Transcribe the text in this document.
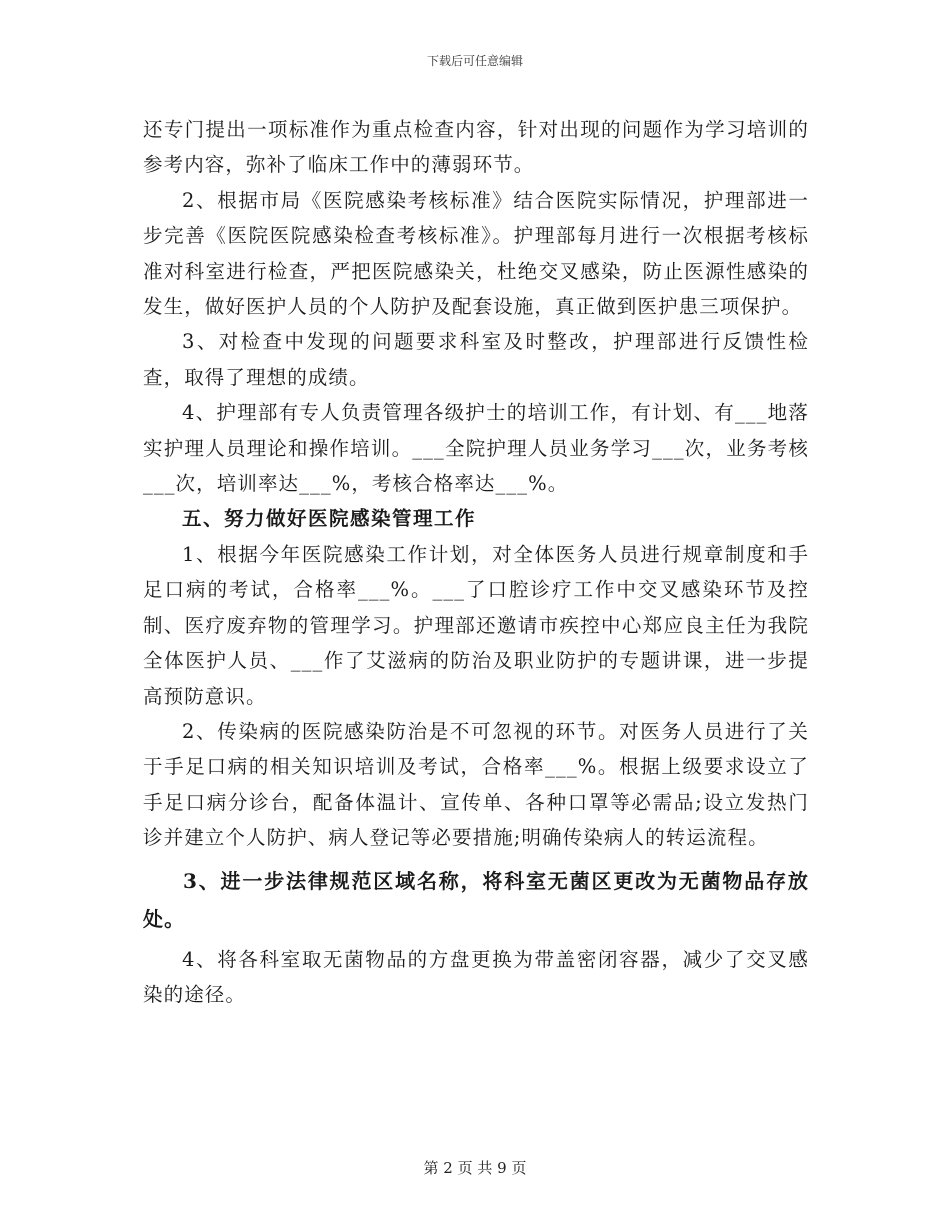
下载后可任意编辑

还专门提出一项标准作为重点检查内容，针对出现的问题作为学习培训的参考内容，弥补了临床工作中的薄弱环节。

2、根据市局《医院感染考核标准》结合医院实际情况，护理部进一步完善《医院医院感染检查考核标准》。护理部每月进行一次根据考核标准对科室进行检查，严把医院感染关，杜绝交叉感染，防止医源性感染的发生，做好医护人员的个人防护及配套设施，真正做到医护患三项保护。

3、对检查中发现的问题要求科室及时整改，护理部进行反馈性检查，取得了理想的成绩。

4、护理部有专人负责管理各级护士的培训工作，有计划、有___地落实护理人员理论和操作培训。___全院护理人员业务学习___次，业务考核___次，培训率达___%，考核合格率达___%。

五、努力做好医院感染管理工作

1、根据今年医院感染工作计划，对全体医务人员进行规章制度和手足口病的考试，合格率___%。___了口腔诊疗工作中交叉感染环节及控制、医疗废弃物的管理学习。护理部还邀请市疾控中心郑应良主任为我院全体医护人员、___作了艾滋病的防治及职业防护的专题讲课，进一步提高预防意识。

2、传染病的医院感染防治是不可忽视的环节。对医务人员进行了关于手足口病的相关知识培训及考试，合格率___%。根据上级要求设立了手足口病分诊台，配备体温计、宣传单、各种口罩等必需品;设立发热门诊并建立个人防护、病人登记等必要措施;明确传染病人的转运流程。

3、进一步法律规范区域名称，将科室无菌区更改为无菌物品存放处。

4、将各科室取无菌物品的方盘更换为带盖密闭容器，减少了交叉感染的途径。

第 2 页 共 9 页
